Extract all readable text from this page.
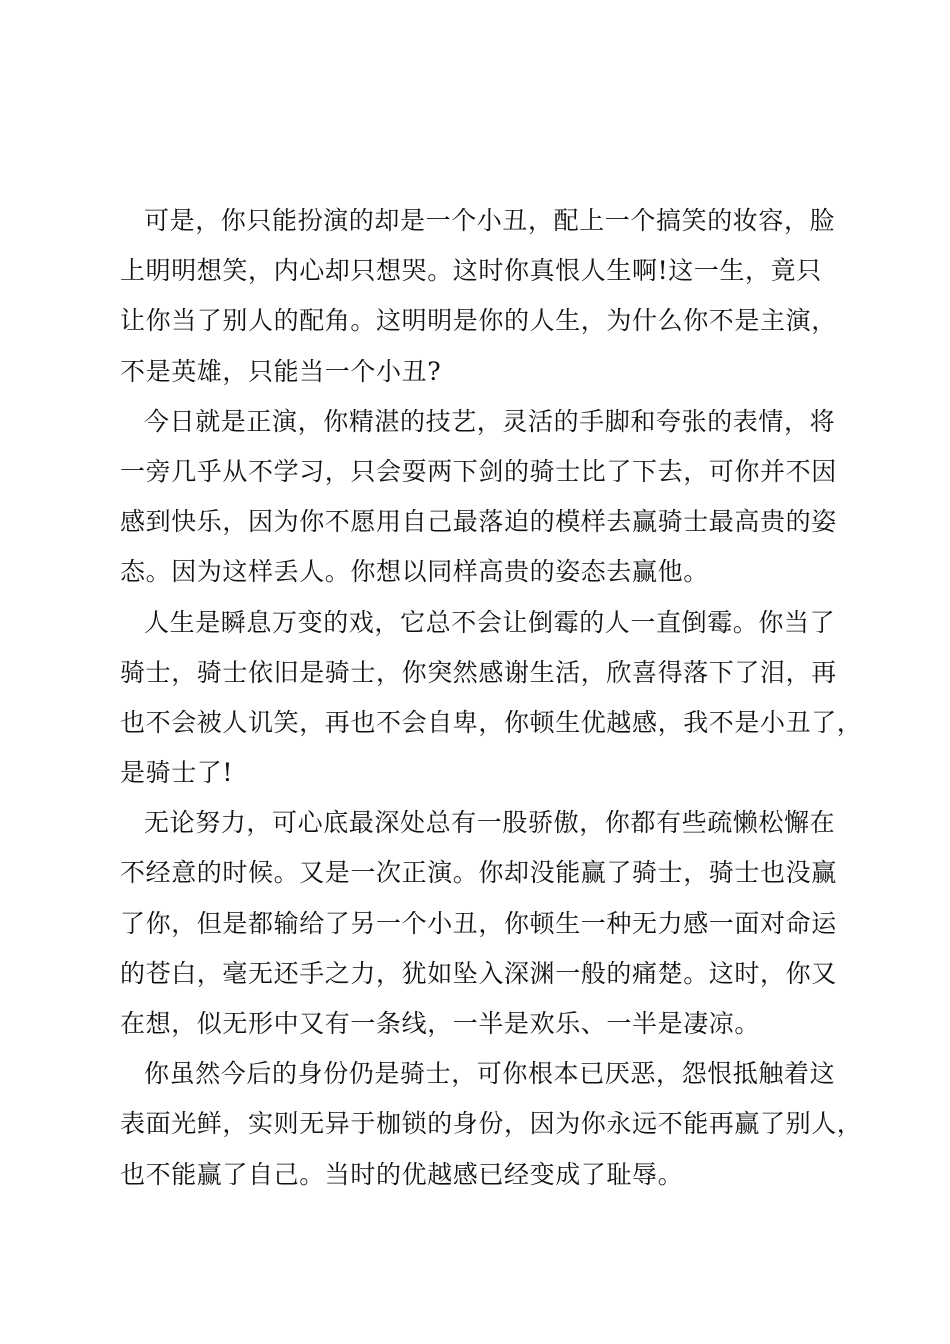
可是，你只能扮演的却是一个小丑，配上一个搞笑的妆容，脸
上明明想笑，内心却只想哭。这时你真恨人生啊!这一生，竟只
让你当了别人的配角。这明明是你的人生，为什么你不是主演，
不是英雄，只能当一个小丑?
今日就是正演，你精湛的技艺，灵活的手脚和夸张的表情，将
一旁几乎从不学习，只会耍两下剑的骑士比了下去，可你并不因
感到快乐，因为你不愿用自己最落迫的模样去赢骑士最高贵的姿
态。因为这样丢人。你想以同样高贵的姿态去赢他。
人生是瞬息万变的戏，它总不会让倒霉的人一直倒霉。你当了
骑士，骑士依旧是骑士，你突然感谢生活，欣喜得落下了泪，再
也不会被人讥笑，再也不会自卑，你顿生优越感，我不是小丑了，
是骑士了!
无论努力，可心底最深处总有一股骄傲，你都有些疏懒松懈在
不经意的时候。又是一次正演。你却没能赢了骑士，骑士也没赢
了你，但是都输给了另一个小丑，你顿生一种无力感一面对命运
的苍白，毫无还手之力，犹如坠入深渊一般的痛楚。这时，你又
在想，似无形中又有一条线，一半是欢乐、一半是凄凉。
你虽然今后的身份仍是骑士，可你根本已厌恶，怨恨抵触着这
表面光鲜，实则无异于枷锁的身份，因为你永远不能再赢了别人，
也不能赢了自己。当时的优越感已经变成了耻辱。
